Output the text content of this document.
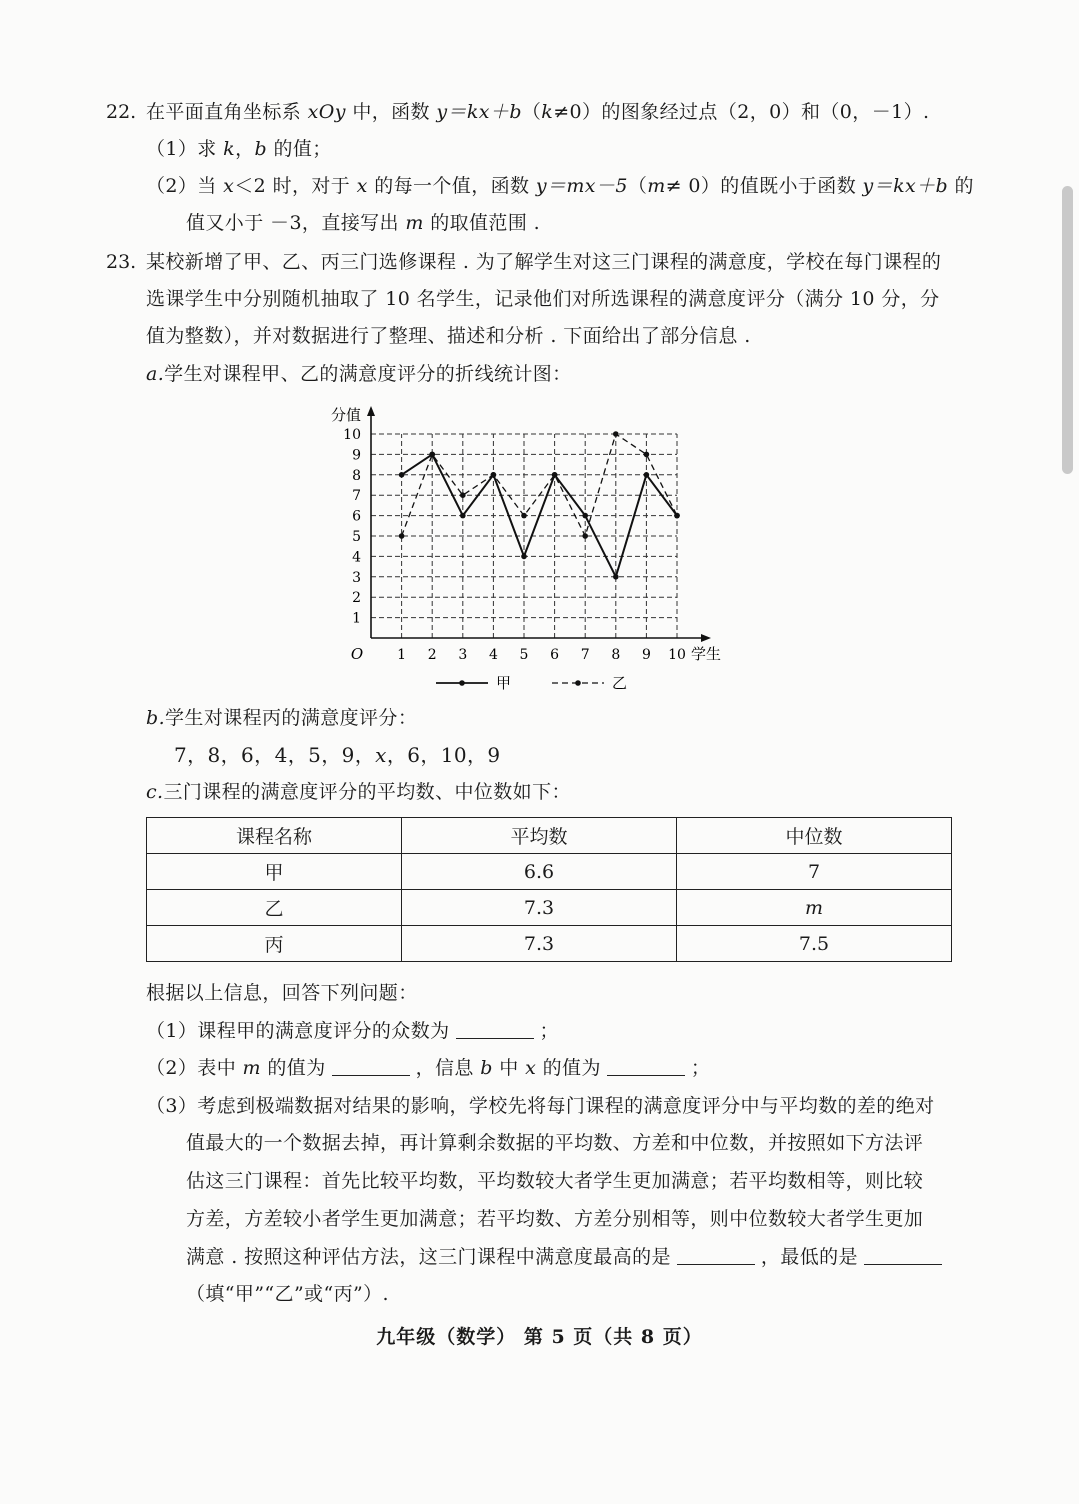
22. 在平面直角坐标系 xOy 中，函数 y＝kx＋b（k≠0）的图象经过点（2，0）和（0，－1）.
（1）求 k，b 的值；
（2）当 x＜2 时，对于 x 的每一个值，函数 y＝mx－5（m≠ 0）的值既小于函数 y＝kx＋b 的
值又小于 －3，直接写出 m 的取值范围 .
23. 某校新增了甲、乙、丙三门选修课程 . 为了解学生对这三门课程的满意度，学校在每门课程的
选课学生中分别随机抽取了 10 名学生，记录他们对所选课程的满意度评分（满分 10 分，分
值为整数），并对数据进行了整理、描述和分析 . 下面给出了部分信息 .
a.学生对课程甲、乙的满意度评分的折线统计图：
分值
学生
O 1 2 3 4 5 6 7 8 9 10
1
2
3
4
5
6
7
8
9
10
甲	乙
b.学生对课程丙的满意度评分：
7，8，6，4，5，9，x，6，10，9
c.三门课程的满意度评分的平均数、中位数如下：
课程名称	平均数	中位数
甲	6.6	7
乙	7.3	m
丙	7.3	7.5
根据以上信息，回答下列问题：
（1）课程甲的满意度评分的众数为	；
（2）表中 m 的值为	，信息 b 中 x 的值为	；
（3）考虑到极端数据对结果的影响，学校先将每门课程的满意度评分中与平均数的差的绝对
值最大的一个数据去掉，再计算剩余数据的平均数、方差和中位数，并按照如下方法评
估这三门课程：首先比较平均数，平均数较大者学生更加满意；若平均数相等，则比较
方差，方差较小者学生更加满意；若平均数、方差分别相等，则中位数较大者学生更加
满意 . 按照这种评估方法，这三门课程中满意度最高的是	，最低的是
（填“甲”“乙”或“丙”）.
九年级（数学） 第 5 页（共 8 页）
